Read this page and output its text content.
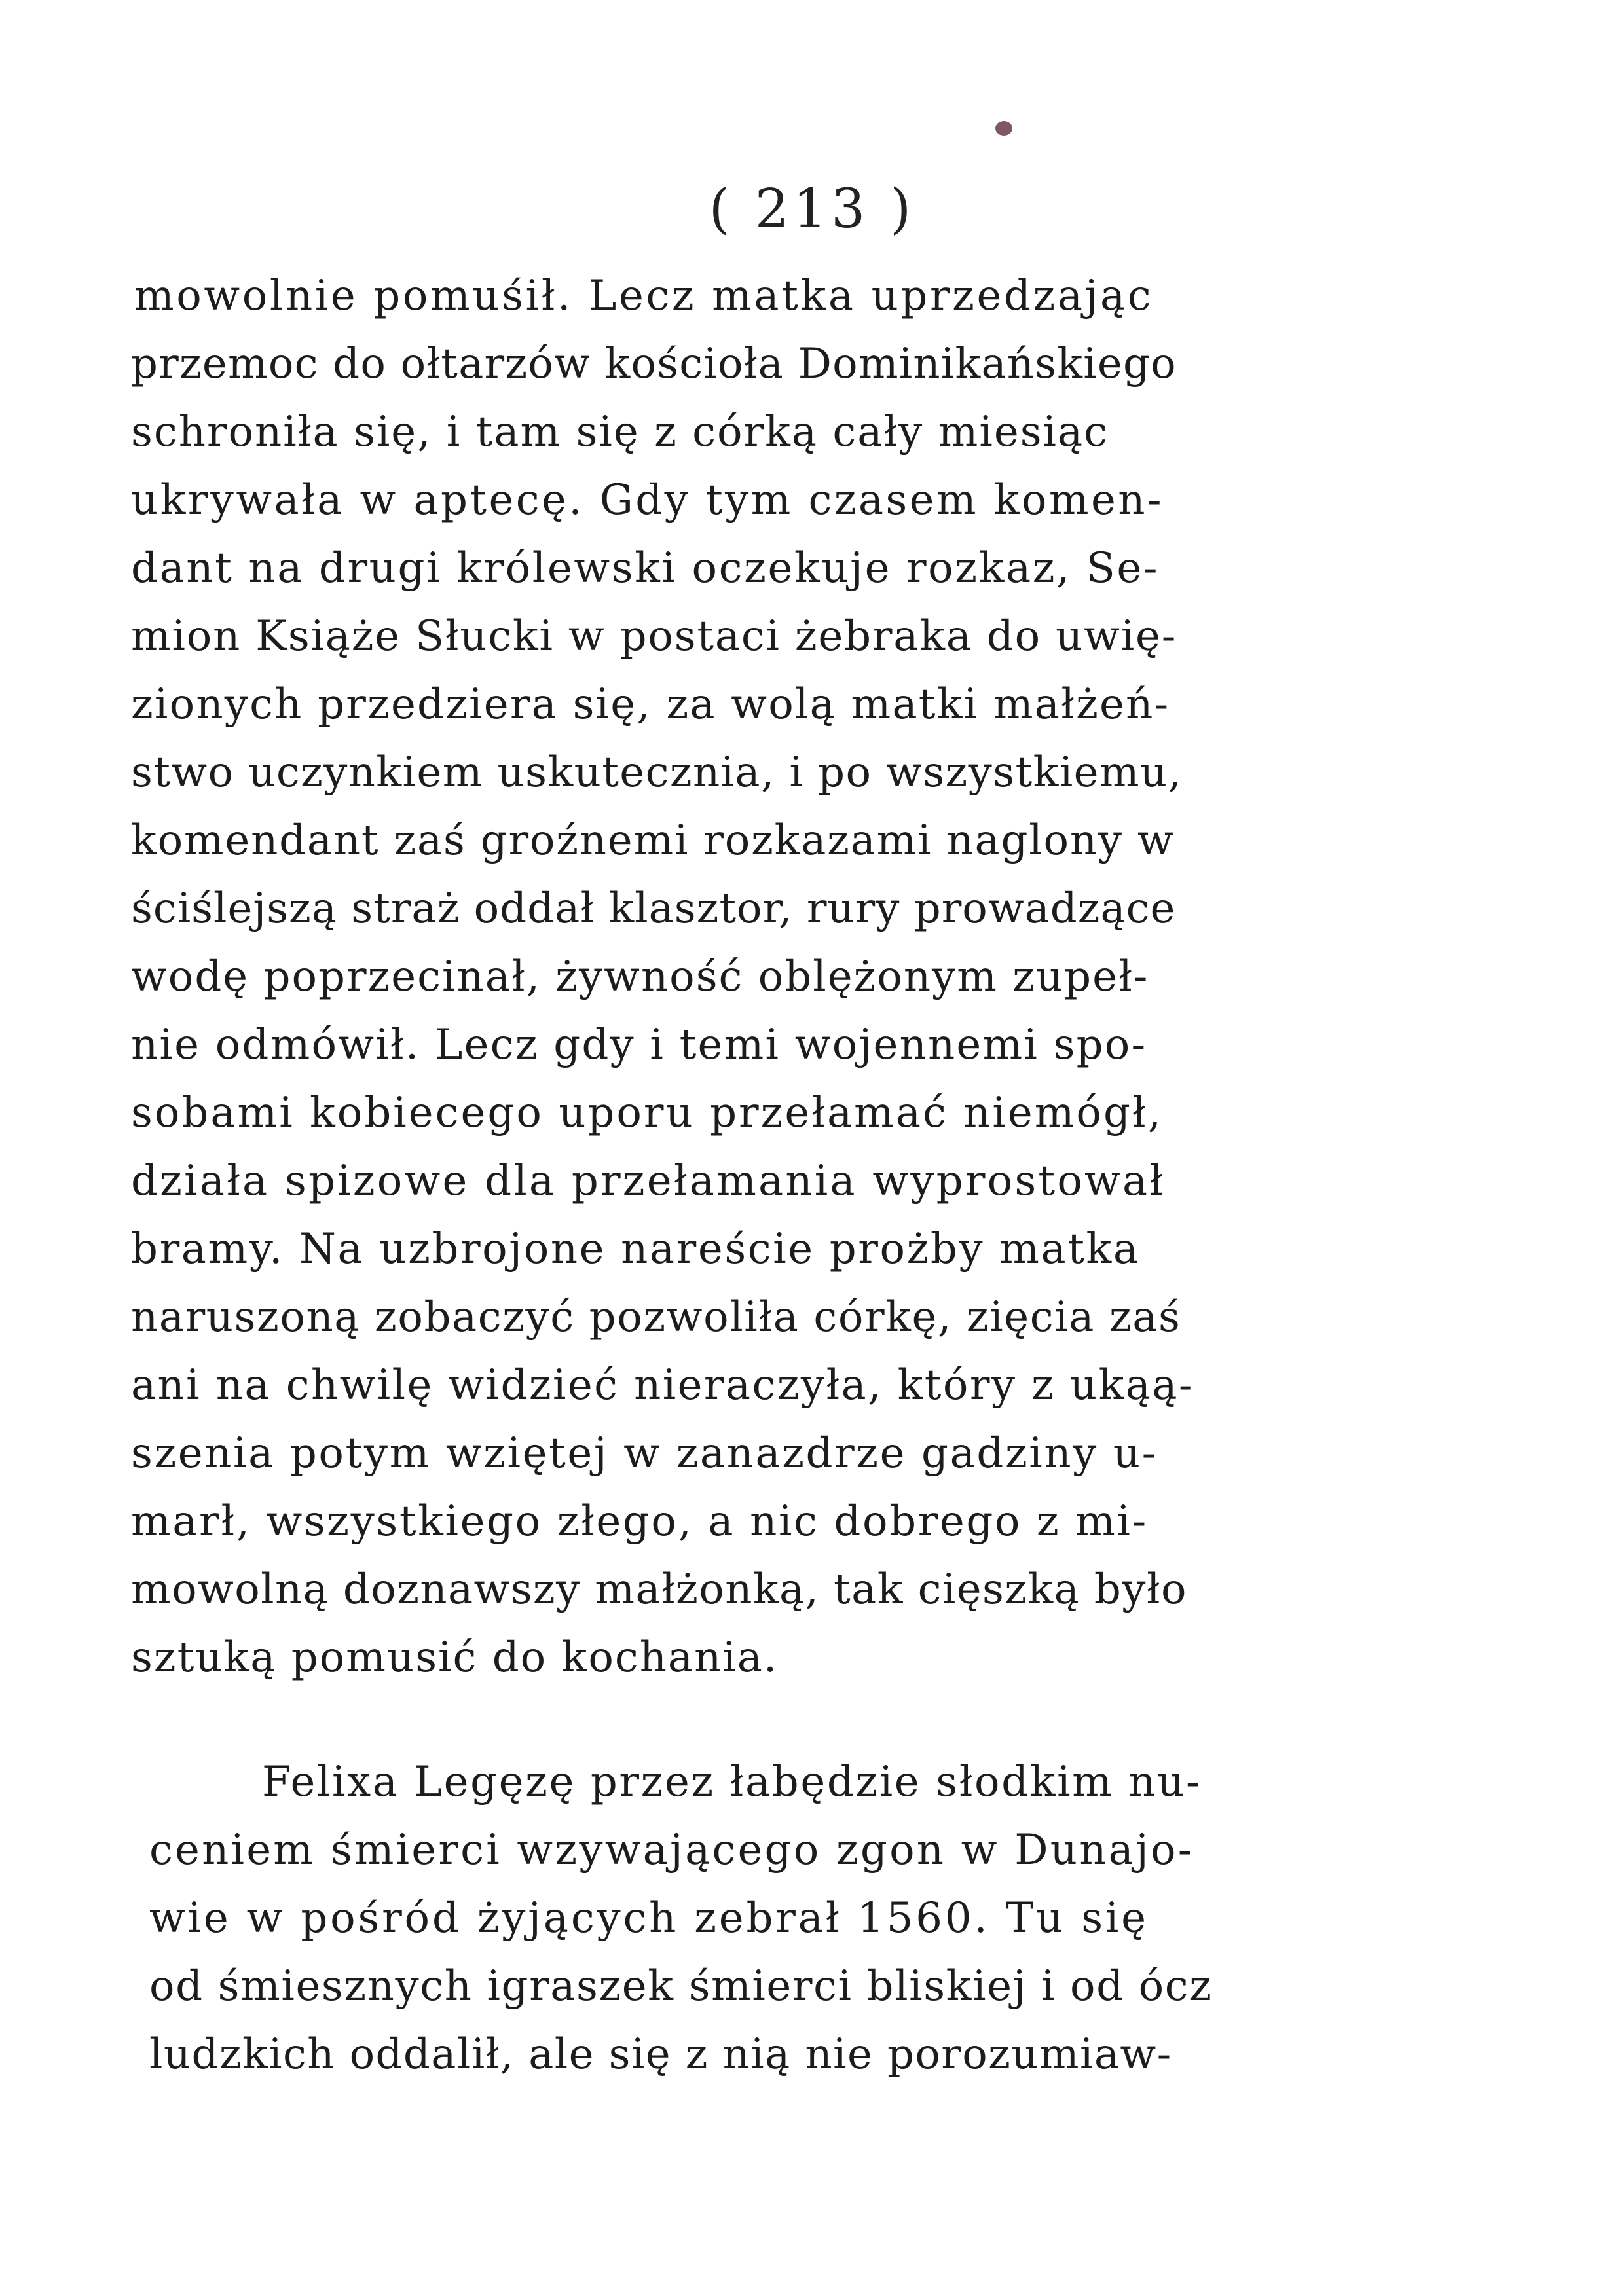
( 213 )
mowolnie pomuśił. Lecz matka uprzedzając
przemoc do ołtarzów kościoła Dominikańskiego
schroniła się, i tam się z córką cały miesiąc
ukrywała w aptecę. Gdy tym czasem komen-
dant na drugi królewski oczekuje rozkaz, Se-
mion Książe Słucki w postaci żebraka do uwię-
zionych przedziera się, za wolą matki małżeń-
stwo uczynkiem uskutecznia, i po wszystkiemu,
komendant zaś groźnemi rozkazami naglony w
ściślejszą straż oddał klasztor, rury prowadzące
wodę poprzecinał, żywność oblężonym zupeł-
nie odmówił. Lecz gdy i temi wojennemi spo-
sobami kobiecego uporu przełamać niemógł,
działa spizowe dla przełamania wyprostował
bramy. Na uzbrojone nareście prożby matka
naruszoną zobaczyć pozwoliła córkę, zięcia zaś
ani na chwilę widzieć nieraczyła, który z ukąą-
szenia potym wziętej w zanazdrze gadziny u-
marł, wszystkiego złego, a nic dobrego z mi-
mowolną doznawszy małżonką, tak cięszką było
sztuką pomusić do kochania.
Felixa Legęzę przez łabędzie słodkim nu-
ceniem śmierci wzywającego zgon w Dunajo-
wie w pośród żyjących zebrał 1560. Tu się
od śmiesznych igraszek śmierci bliskiej i od ócz
ludzkich oddalił, ale się z nią nie porozumiaw-
